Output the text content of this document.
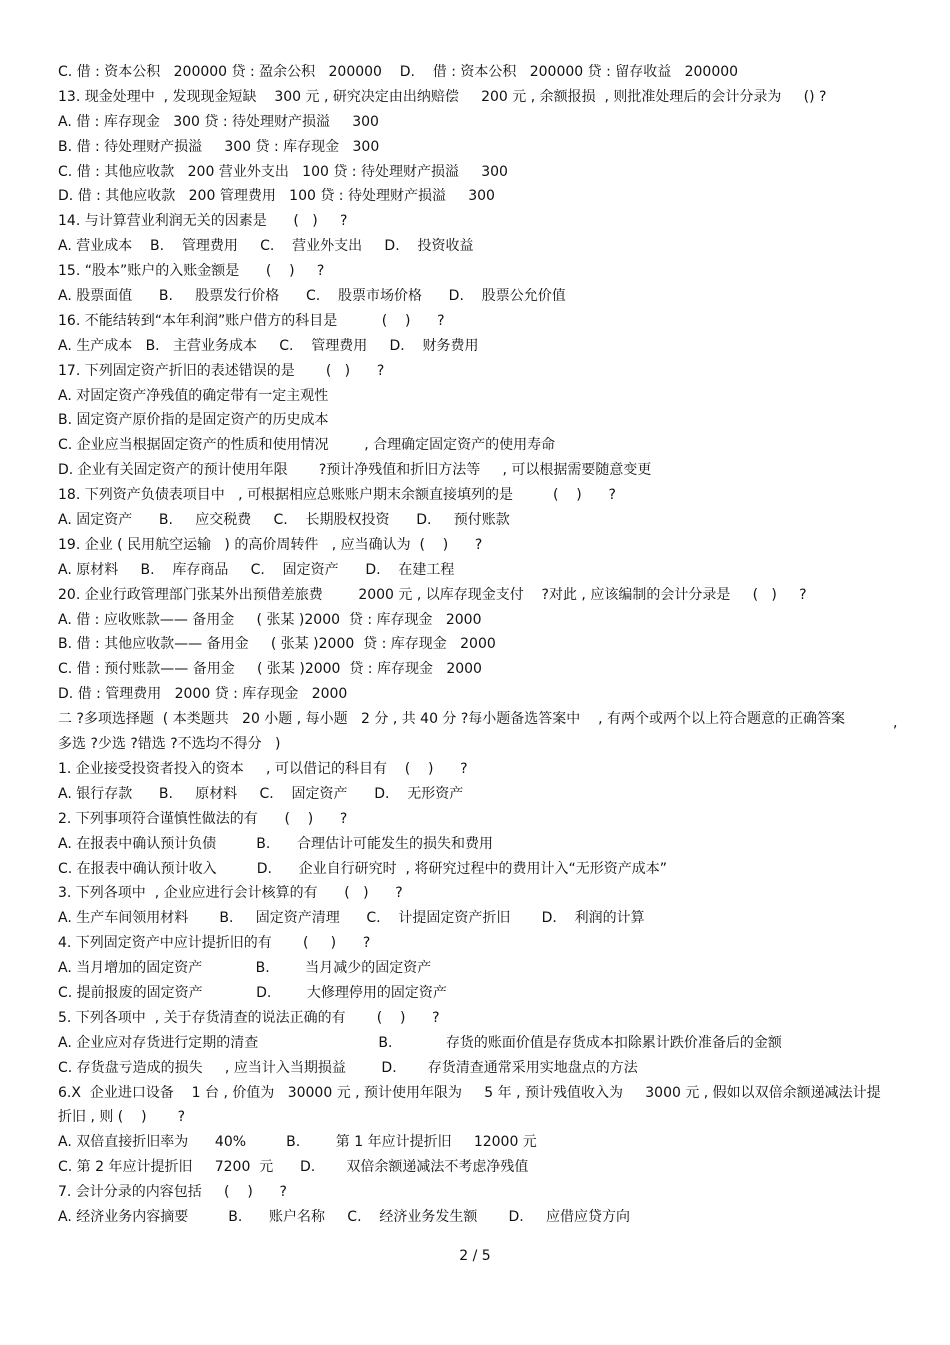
C. 借 : 资本公积   200000 贷 : 盈余公积   200000    D.    借 : 资本公积   200000 贷 : 留存收益   200000
13. 现金处理中  , 发现现金短缺    300 元 , 研究决定由出纳赔偿     200 元 , 余额报损  , 则批准处理后的会计分录为     () ?
A. 借 : 库存现金   300 贷 : 待处理财产损溢     300
B. 借 : 待处理财产损溢     300 贷 : 库存现金   300
C. 借 : 其他应收款   200 营业外支出   100 贷 : 待处理财产损溢     300
D. 借 : 其他应收款   200 管理费用   100 贷 : 待处理财产损溢     300
14. 与计算营业利润无关的因素是      (   )     ?
A. 营业成本    B.    管理费用     C.    营业外支出     D.    投资收益
15. “股本”账户的入账金额是      (    )     ?
A. 股票面值      B.     股票发行价格      C.    股票市场价格      D.    股票公允价值
16. 不能结转到“本年利润”账户借方的科目是          (    )      ?
A. 生产成本   B.   主营业务成本     C.    管理费用     D.    财务费用
17. 下列固定资产折旧的表述错误的是       (   )      ?
A. 对固定资产净残值的确定带有一定主观性
B. 固定资产原价指的是固定资产的历史成本
C. 企业应当根据固定资产的性质和使用情况        , 合理确定固定资产的使用寿命
D. 企业有关固定资产的预计使用年限       ?预计净残值和折旧方法等     , 可以根据需要随意变更
18. 下列资产负债表项目中   , 可根据相应总账账户期末余额直接填列的是         (    )      ?
A. 固定资产      B.     应交税费     C.    长期股权投资      D.     预付账款
19. 企业 ( 民用航空运输   ) 的高价周转件   , 应当确认为  (    )      ?
A. 原材料     B.    库存商品     C.    固定资产      D.    在建工程
20. 企业行政管理部门张某外出预借差旅费        2000 元 , 以库存现金支付    ?对此 , 应该编制的会计分录是     (   )     ?
A. 借 : 应收账款—— 备用金     ( 张某 )2000  贷 : 库存现金   2000
B. 借 : 其他应收款—— 备用金     ( 张某 )2000  贷 : 库存现金   2000
C. 借 : 预付账款—— 备用金     ( 张某 )2000  贷 : 库存现金   2000
D. 借 : 管理费用   2000 贷 : 库存现金   2000
二 ?多项选择题  ( 本类题共   20 小题 , 每小题   2 分 , 共 40 分 ?每小题备选答案中    , 有两个或两个以上符合题意的正确答案
多选 ?少选 ?错选 ?不选均不得分   )
1. 企业接受投资者投入的资本     , 可以借记的科目有    (    )      ?
A. 银行存款      B.     原材料     C.    固定资产      D.    无形资产
2. 下列事项符合谨慎性做法的有      (    )      ?
A. 在报表中确认预计负债         B.      合理估计可能发生的损失和费用
C. 在报表中确认预计收入         D.      企业自行研究时  , 将研究过程中的费用计入“无形资产成本”
3. 下列各项中  , 企业应进行会计核算的有      (   )      ?
A. 生产车间领用材料       B.     固定资产清理      C.    计提固定资产折旧       D.    利润的计算
4. 下列固定资产中应计提折旧的有       (     )      ?
A. 当月增加的固定资产            B.        当月减少的固定资产
C. 提前报废的固定资产            D.        大修理停用的固定资产
5. 下列各项中  , 关于存货清查的说法正确的有       (    )      ?
A. 企业应对存货进行定期的清查                           B.            存货的账面价值是存货成本扣除累计跌价准备后的金额
C. 存货盘亏造成的损失     , 应当计入当期损益        D.       存货清查通常采用实地盘点的方法
6.X  企业进口设备    1 台 , 价值为   30000 元 , 预计使用年限为     5 年 , 预计残值收入为     3000 元 , 假如以双倍余额递减法计提
折旧 , 则 (    )       ?
A. 双倍直接折旧率为      40%         B.        第 1 年应计提折旧     12000 元
C. 第 2 年应计提折旧     7200  元      D.       双倍余额递减法不考虑净残值
7. 会计分录的内容包括     (    )      ?
A. 经济业务内容摘要         B.      账户名称     C.    经济业务发生额       D.     应借应贷方向
,
2 / 5
